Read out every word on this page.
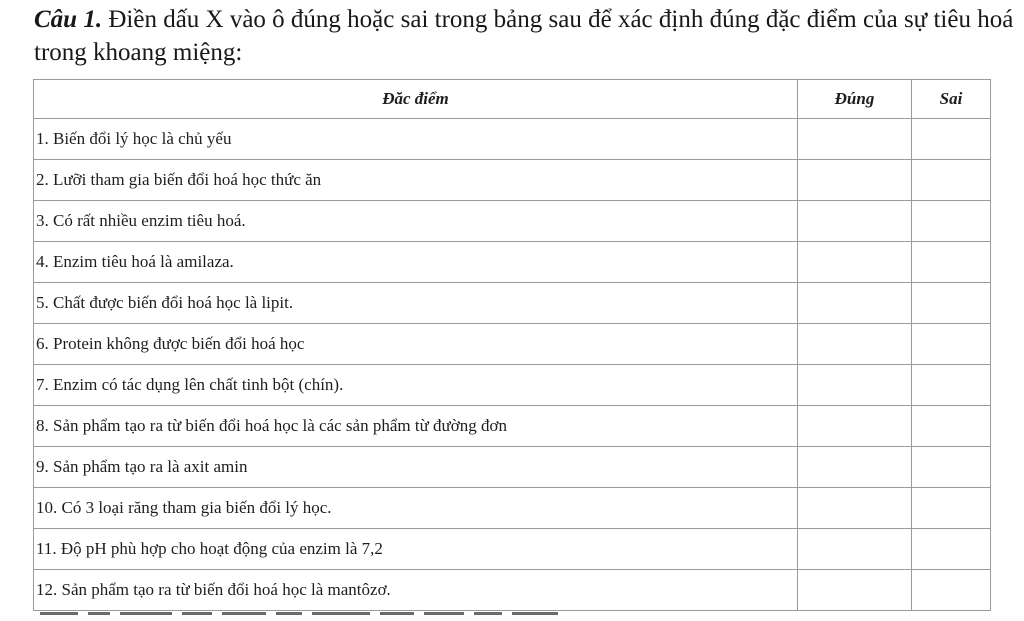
Câu 1. Điền dấu X vào ô đúng hoặc sai trong bảng sau để xác định đúng đặc điểm của sự tiêu hoá trong khoang miệng:
Đăc điểm	Đúng	Sai
1. Biến đổi lý học là chủ yếu		
2. Lưỡi tham gia biến đổi hoá học thức ăn		
3. Có rất nhiều enzim tiêu hoá.		
4. Enzim tiêu hoá là amilaza.		
5. Chất được biến đổi hoá học là lipit.		
6. Protein không được biến đổi hoá học		
7. Enzim có tác dụng lên chất tinh bột (chín).		
8. Sản phẩm tạo ra từ biến đổi hoá học là các sản phẩm từ đường đơn		
9. Sản phẩm tạo ra là axit amin		
10. Có 3 loại răng tham gia biến đổi lý học.		
11. Độ pH phù hợp cho hoạt động của enzim là 7,2		
12. Sản phẩm tạo ra từ biến đổi hoá học là mantôzơ.		
